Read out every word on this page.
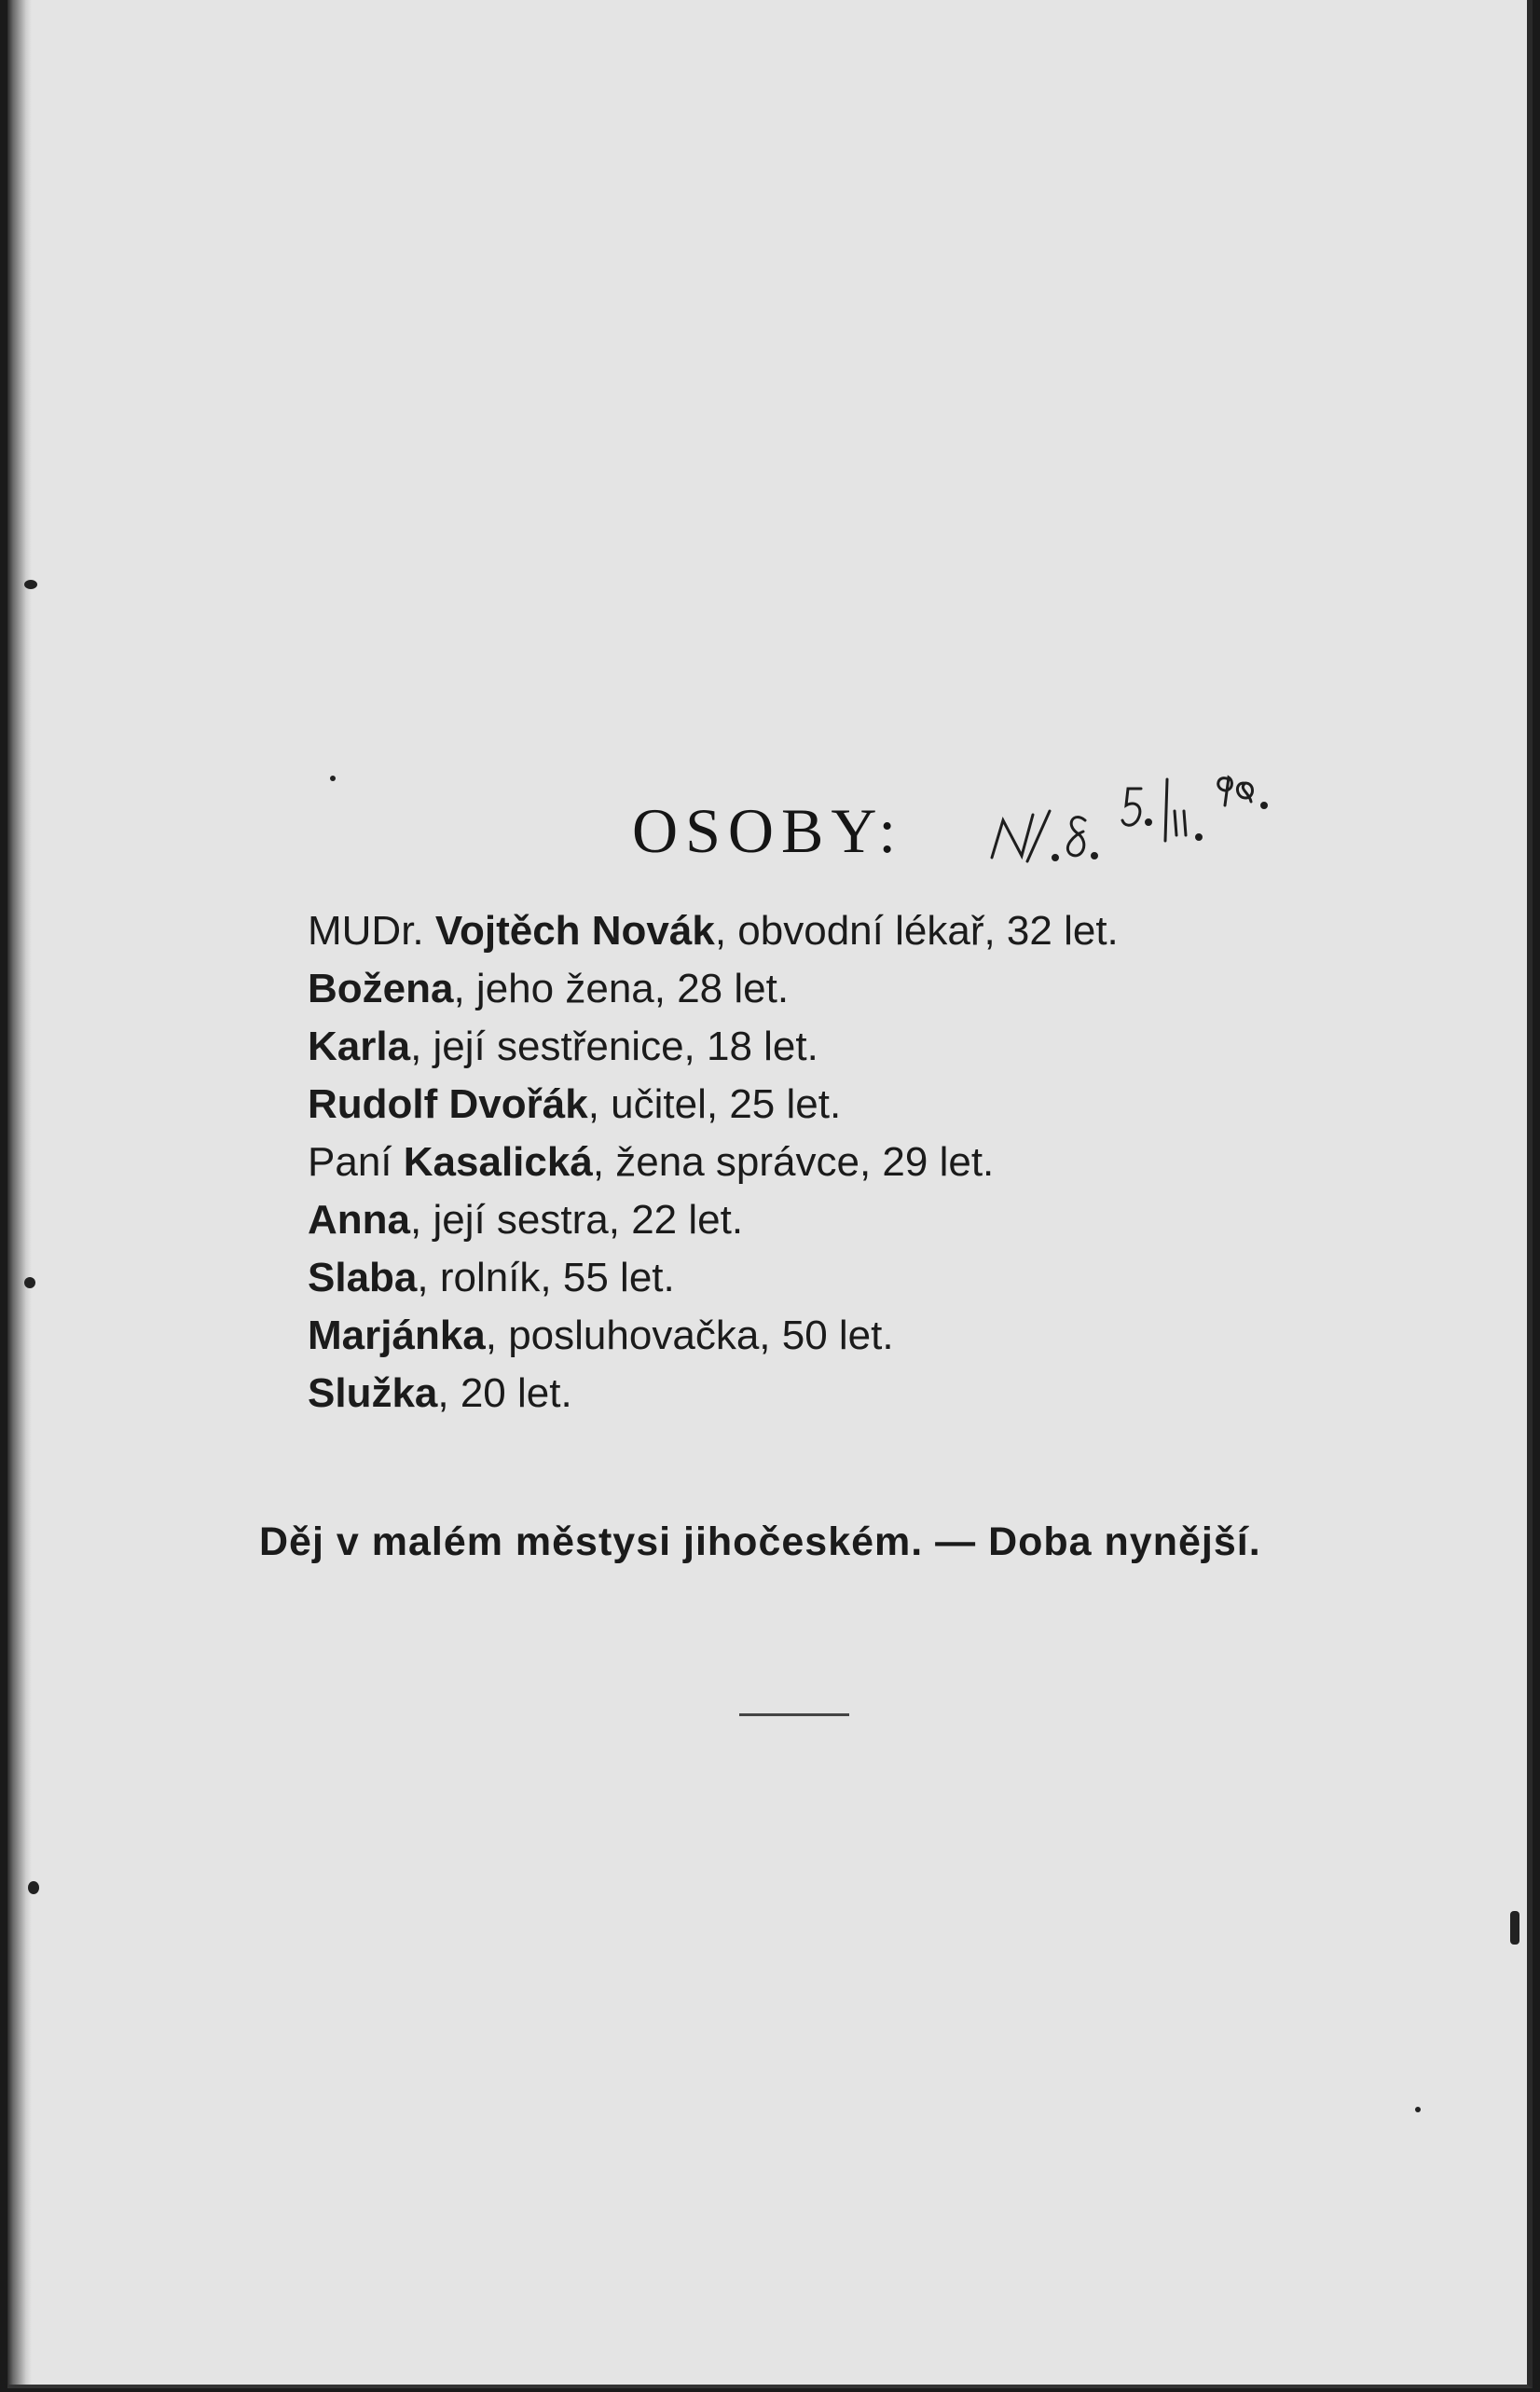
OSOBY:
MUDr. Vojtěch Novák, obvodní lékař, 32 let.
Božena, jeho žena, 28 let.
Karla, její sestřenice, 18 let.
Rudolf Dvořák, učitel, 25 let.
Paní Kasalická, žena správce, 29 let.
Anna, její sestra, 22 let.
Slaba, rolník, 55 let.
Marjánka, posluhovačka, 50 let.
Služka, 20 let.
Děj v malém městysi jihočeském. — Doba nynější.
